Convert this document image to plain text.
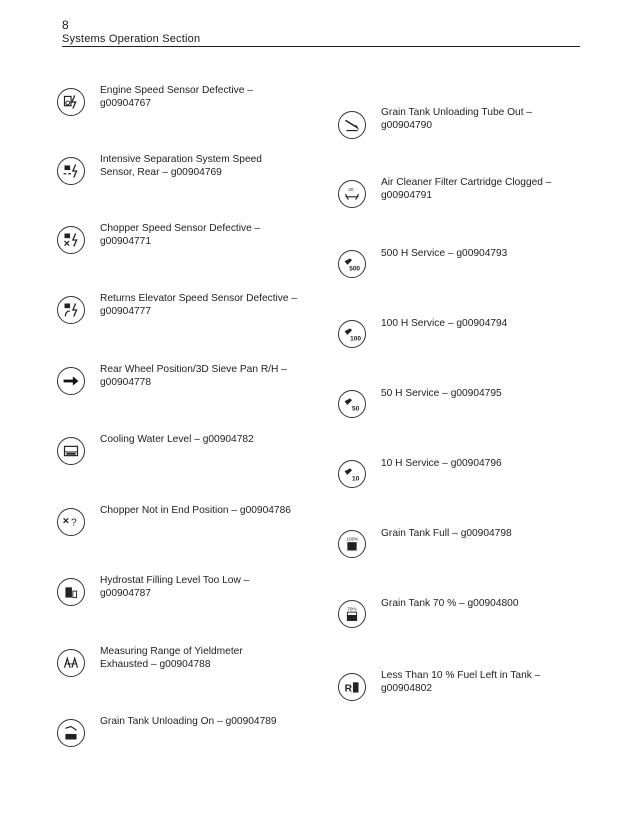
8
Systems Operation Section
Engine Speed Sensor Defective –
g00904767
Intensive Separation System Speed
Sensor, Rear – g00904769
Chopper Speed Sensor Defective –
g00904771
Returns Elevator Speed Sensor Defective –
g00904777
Rear Wheel Position/3D Sieve Pan R/H –
g00904778
Cooling Water Level – g00904782
?
Chopper Not in End Position – g00904786
Hydrostat Filling Level Too Low –
g00904787
Measuring Range of Yieldmeter
Exhausted – g00904788
Grain Tank Unloading On – g00904789
Grain Tank Unloading Tube Out –
g00904790
20
Air Cleaner Filter Cartridge Clogged –
g00904791
500
500 H Service – g00904793
100
100 H Service – g00904794
50
50 H Service – g00904795
10
10 H Service – g00904796
100% Grain Tank Full – g00904798
70% Grain Tank 70 % – g00904800
R
Less Than 10 % Fuel Left in Tank –
g00904802
